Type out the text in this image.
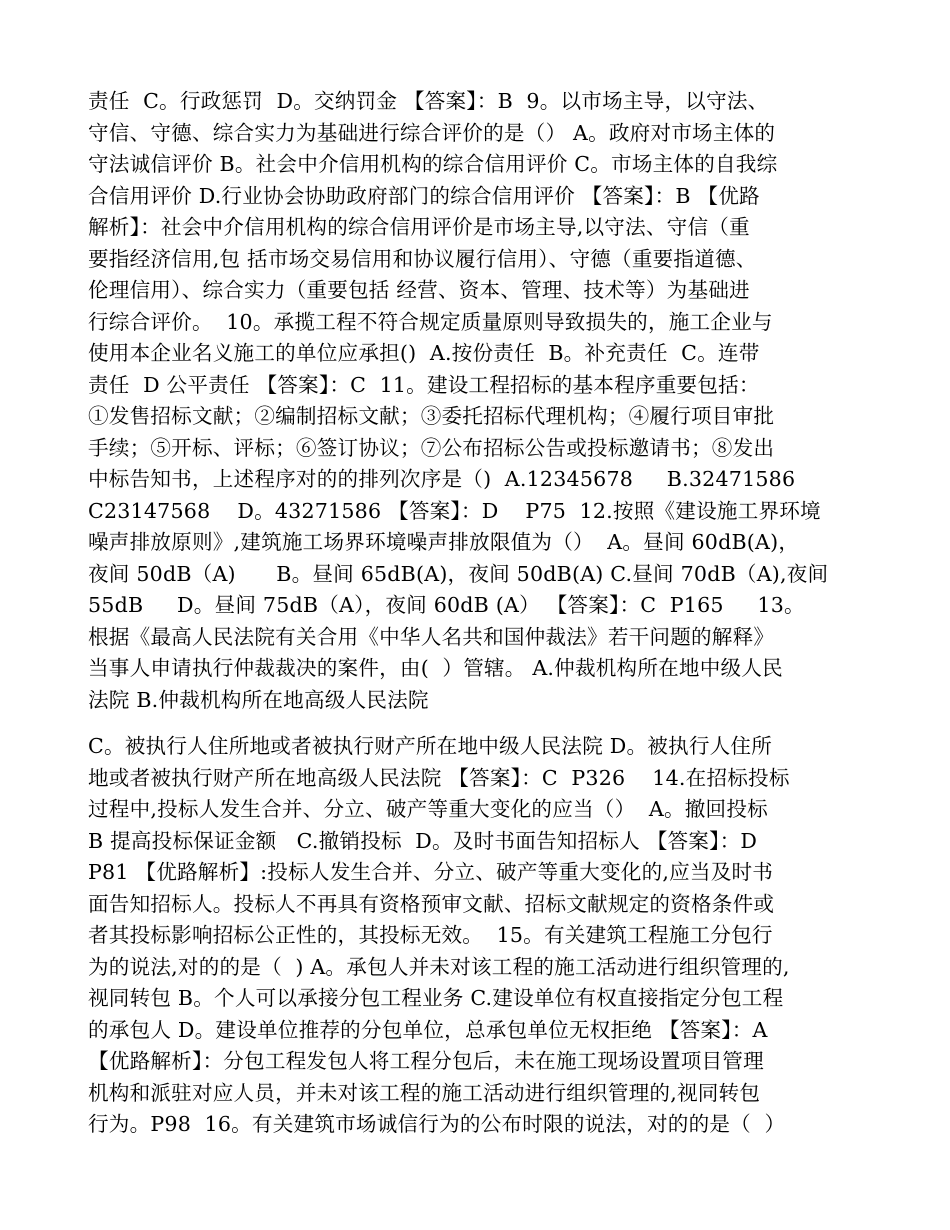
责任  C。行政惩罚  D。交纳罚金 【答案】：B  9。以市场主导，以守法、
守信、守德、综合实力为基础进行综合评价的是（） A。政府对市场主体的
守法诚信评价 B。社会中介信用机构的综合信用评价 C。市场主体的自我综
合信用评价 D.行业协会协助政府部门的综合信用评价 【答案】：B 【优路
解析】：社会中介信用机构的综合信用评价是市场主导,以守法、守信（重
要指经济信用,包 括市场交易信用和协议履行信用）、守德（重要指道德、
伦理信用）、综合实力（重要包括 经营、资本、管理、技术等）为基础进
行综合评价。  10。承揽工程不符合规定质量原则导致损失的，施工企业与
使用本企业名义施工的单位应承担()  A.按份责任  B。补充责任  C。连带
责任  D 公平责任 【答案】：C  11。建设工程招标的基本程序重要包括：
①发售招标文献；②编制招标文献；③委托招标代理机构；④履行项目审批
手续；⑤开标、评标；⑥签订协议；⑦公布招标公告或投标邀请书；⑧发出
中标告知书，上述程序对的的排列次序是（)  A.12345678     B.32471586
C23147568    D。43271586 【答案】：D    P75  12.按照《建设施工界环境
噪声排放原则》,建筑施工场界环境噪声排放限值为（）  A。昼间 60dB(A)，
夜间 50dB（A)      B。昼间 65dB(A)，夜间 50dB(A) C.昼间 70dB（A),夜间
55dB     D。昼间 75dB（A），夜间 60dB (A） 【答案】：C  P165     13。
根据《最高人民法院有关合用《中华人名共和国仲裁法》若干问题的解释》
当事人申请执行仲裁裁决的案件，由(  ）管辖。 A.仲裁机构所在地中级人民
法院 B.仲裁机构所在地高级人民法院
C。被执行人住所地或者被执行财产所在地中级人民法院 D。被执行人住所
地或者被执行财产所在地高级人民法院 【答案】：C  P326    14.在招标投标
过程中,投标人发生合并、分立、破产等重大变化的应当（）  A。撤回投标
B 提高投标保证金额   C.撤销投标  D。及时书面告知招标人 【答案】：D
P81 【优路解析】:投标人发生合并、分立、破产等重大变化的,应当及时书
面告知招标人。投标人不再具有资格预审文献、招标文献规定的资格条件或
者其投标影响招标公正性的，其投标无效。  15。有关建筑工程施工分包行
为的说法,对的的是（  ) A。承包人并未对该工程的施工活动进行组织管理的,
视同转包 B。个人可以承接分包工程业务 C.建设单位有权直接指定分包工程
的承包人 D。建设单位推荐的分包单位，总承包单位无权拒绝 【答案】：A
【优路解析】：分包工程发包人将工程分包后，未在施工现场设置项目管理
机构和派驻对应人员，并未对该工程的施工活动进行组织管理的,视同转包
行为。P98  16。有关建筑市场诚信行为的公布时限的说法，对的的是（  ）
